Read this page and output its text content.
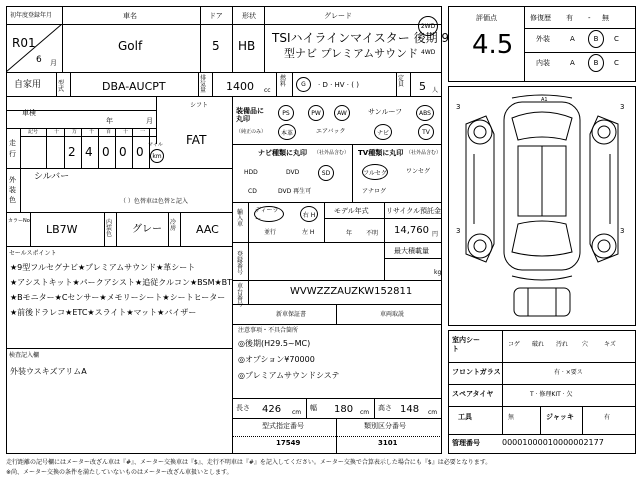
初年度登録年月
R01
6 月
車名
Golf
ドア
5
形状
HB
グレード
TSIハイラインマイスター 後期 9
型ナビ プレミアムサウンド
2WD
4WD
自家用	型式	DBA-AUCPT
排気量	1400 cc
燃料	G · D · HV · ( )
定員	5 人
車検
年	月
シフト
FAT
走行
記号	十	万 千 百 十 一
2 4 0 0 0 マイル
km
外装色
シルバー
（ ）色替車は色替と記入
カラーNo.
LB7W
内装色 グレー
冷房 AAC
セールスポイント
★9型フルセグナビ★プレミアムサウンド★革シート
★アシストキット★パークアシスト★追従クルコン★BSM★BT
★Bモニター★Cセンサー★メモリーシート★シートヒーター
★前後ドラレコ★ETC★スライト★マット★バイザー
検査記入欄
外装ウスキズアリムA
装備品に丸印
（純正のみ）
PS	PW	AW	サンルーフ	ABS
本革	エアバック	ナビ	TV
ナビ種類に丸印 （社外品含む）
HDD	DVD	SD
CD	DVD 再生可
TV種類に丸印 （社外品含む）
フルセグ	ワンセグ
アナログ
輸入車
ディーラー
右 H
並行	左 H
モデル年式
年 不明
リサイクル預託金
14,760 円
登録番号
最大積載量
kg
車台番号
WVWZZZAUZKW152811
新車保証書	車両取説
注意事項・不具合箇所
◎後期(H29.5~MC)
◎オプション¥70000
◎プレミアムサウンドシステ
長さ 426 cm
幅 180 cm
高さ 148 cm
型式指定番号
17549
類別区分番号
3101
評価点
4.5
修復歴 有 - 無
外装	A	B C
内装	A	B C
3	3
3	3
A1
室内シート
コゲ 破れ 汚れ 穴	キズ
フロントガラス	有 · ×要ス
スペアタイヤ	T · 修理KIT · 欠
工具	無	ジャッキ	有
管理番号	00001000010000002177
走行距離の記号欄にはメーター改ざん車は『#』、メーター交換車は『$』、走行不明車は『#』を記入してください。メーター交換で合算表示した場合にも『$』は必要となります。
※尚、メーター交換の条件を満たしていないものはメーター改ざん車扱いとします。
